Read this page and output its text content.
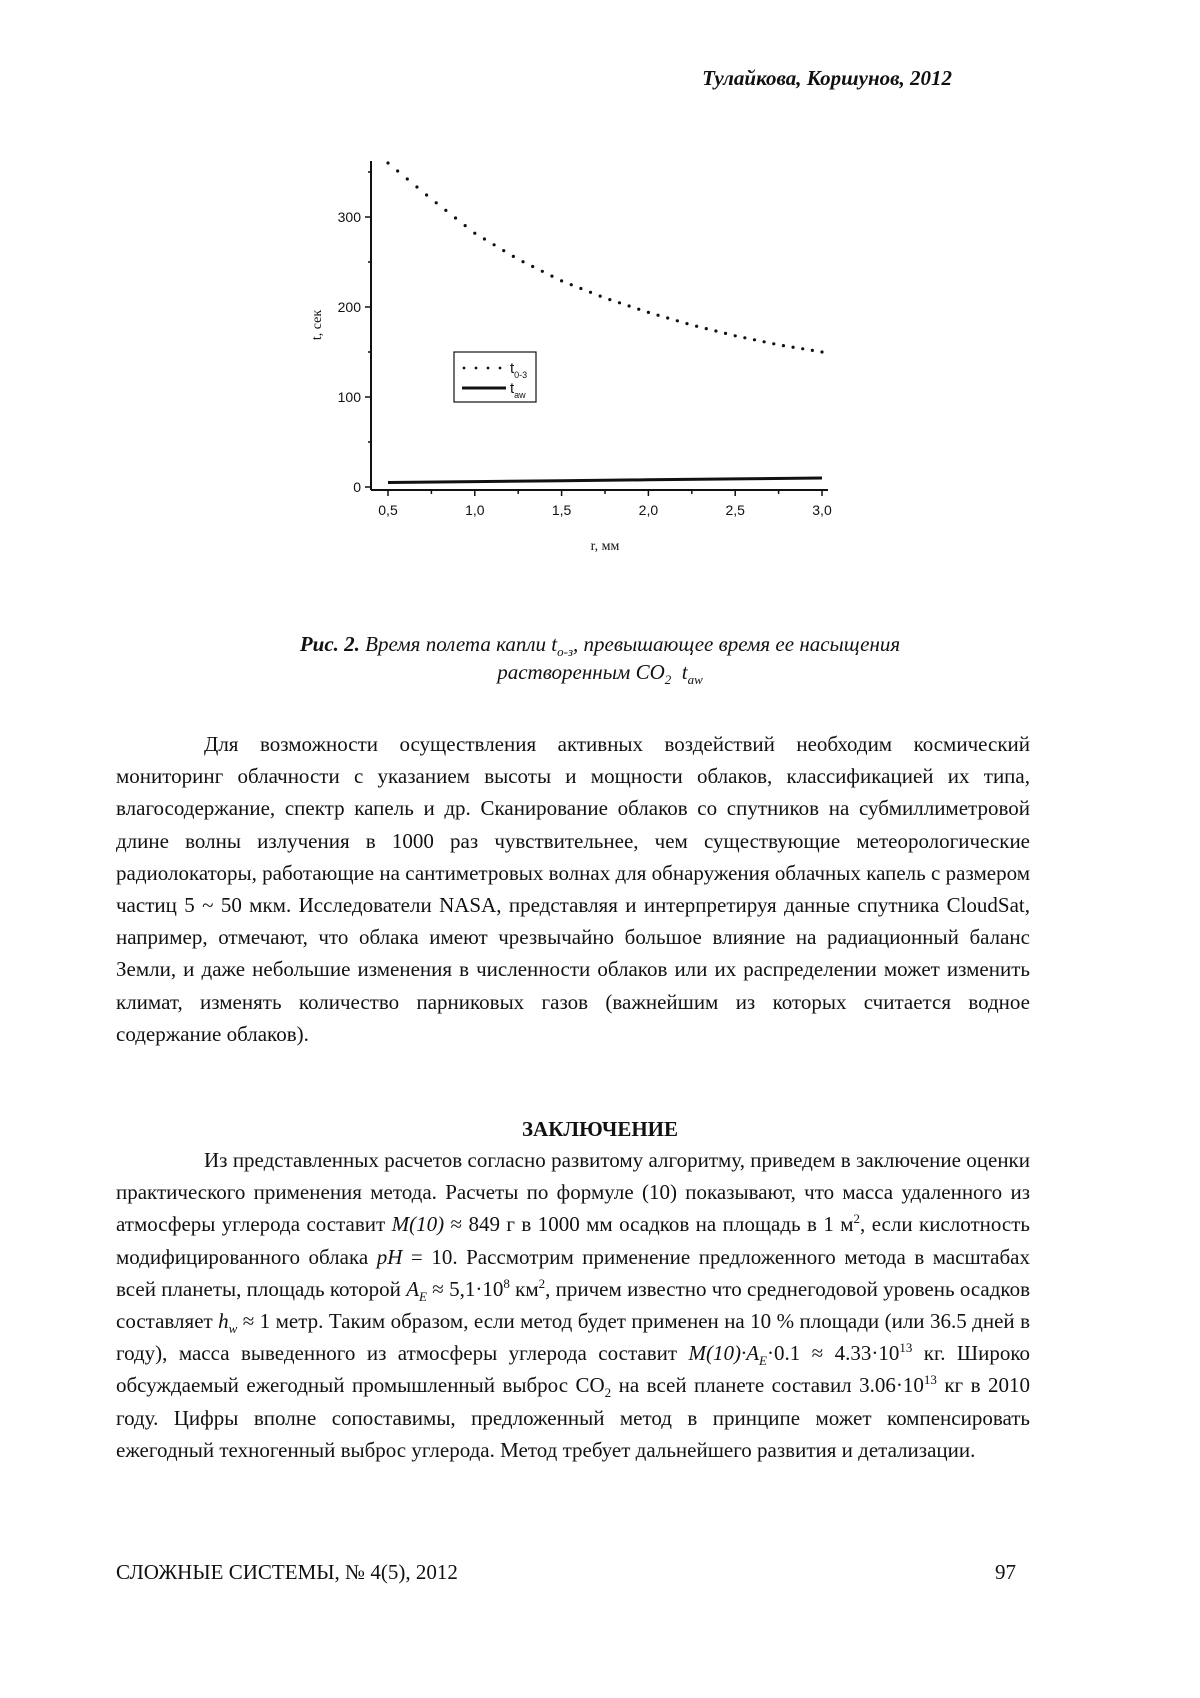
Тулайкова, Коршунов, 2012
0
100
200
300
0,5	1,0	1,5	2,0	2,5	3,0
r, мм
t, сек
$t_{0-3}$
$t_{aw}$
Рис. 2. Время полета капли $t_{о-з}$, превышающее время ее насыщения
растворенным $CO_2$  $t_{aw}$

Для возможности осуществления активных воздействий необходим космический мониторинг облачности с указанием высоты и мощности облаков, классификацией их типа, влагосодержание, спектр капель и др. Сканирование облаков со спутников на субмиллиметровой длине волны излучения в 1000 раз чувствительнее, чем существующие метеорологические радиолокаторы, работающие на сантиметровых волнах для обнаружения облачных капель с размером частиц 5 ~ 50 мкм. Исследователи NASA, представляя и интерпретируя данные спутника CloudSat, например, отмечают, что облака имеют чрезвычайно большое влияние на радиационный баланс Земли, и даже небольшие изменения в численности облаков или их распределении может изменить климат, изменять количество парниковых газов (важнейшим из которых считается водное содержание облаков).

ЗАКЛЮЧЕНИЕ

Из представленных расчетов согласно развитому алгоритму, приведем в заключение оценки практического применения метода. Расчеты по формуле (10) показывают, что масса удаленного из атмосферы углерода составит M(10) ≈ 849 г в 1000 мм осадков на площадь в 1 $м^2$, если кислотность модифицированного облака pH = 10. Рассмотрим применение предложенного метода в масштабах всей планеты, площадь которой $A_E \approx 5,1\cdot 10^8$ $км^2$, причем известно что среднегодовой уровень осадков составляет $h_w \approx 1$ метр. Таким образом, если метод будет применен на 10 % площади (или 36.5 дней в году), масса выведенного из атмосферы углерода составит $M(10)\cdot A_E\cdot 0.1 \approx 4.33\cdot 10^{13}$ кг. Широко обсуждаемый ежегодный промышленный выброс $CO_2$ на всей планете составил $3.06\cdot 10^{13}$ кг в 2010 году. Цифры вполне сопоставимы, предложенный метод в принципе может компенсировать ежегодный техногенный выброс углерода. Метод требует дальнейшего развития и детализации.

СЛОЖНЫЕ СИСТЕМЫ, № 4(5), 2012	97
